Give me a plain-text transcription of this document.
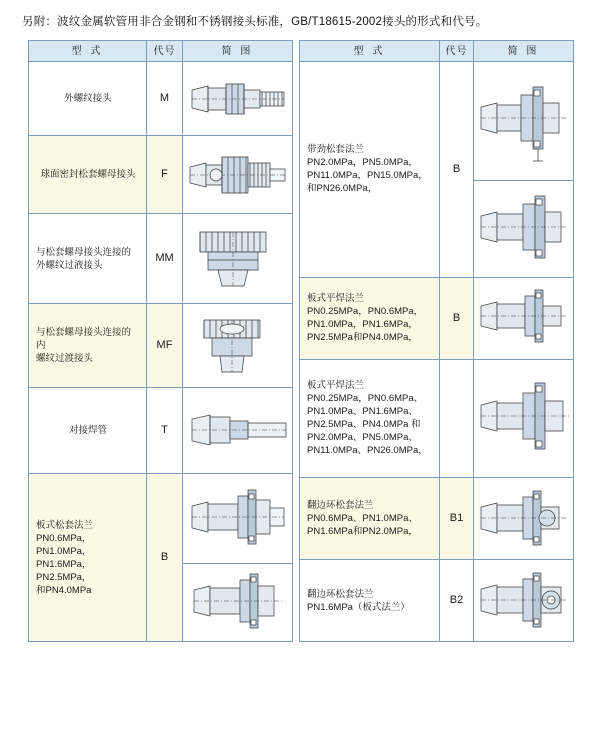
另附：波纹金属软管用非合金钢和不锈钢接头标准，GB/T18615-2002接头的形式和代号。
型 式	代号	简 图
外螺纹接头	M	

球面密封松套螺母接头	F	

与松套螺母接头连接的
外螺纹过液接头	MM	

与松套螺母接头连接的内
螺纹过渡接头	MF	

对接焊管	T	

板式松套法兰
PN0.6MPa，PN1.0MPa，
PN1.6MPa，PN2.5MPa，
和PN4.0MPa	B	

型 式	代号	简 图

带劲松套法兰
PN2.0MPa，PN5.0MPa，
PN11.0MPa，PN15.0MPa，
和PN26.0MPa，	B	

板式平焊法兰
PN0.25MPa，PN0.6MPa，
PN1.0MPa，PN1.6MPa，
PN2.5MPa和PN4.0MPa，	B	

板式平焊法兰
PN0.25MPa，PN0.6MPa、
PN1.0MPa、PN1.6MPa、
PN2.5MPa、PN4.0MPa 和
PN2.0MPa、PN5.0MPa、
PN11.0MPa、PN26.0MPa，

翻边环松套法兰
PN0.6MPa、PN1.0MPa、
PN1.6MPa和PN2.0MPa，	B1	

翻边环松套法兰
PN1.6MPa（板式法兰）	B2	
